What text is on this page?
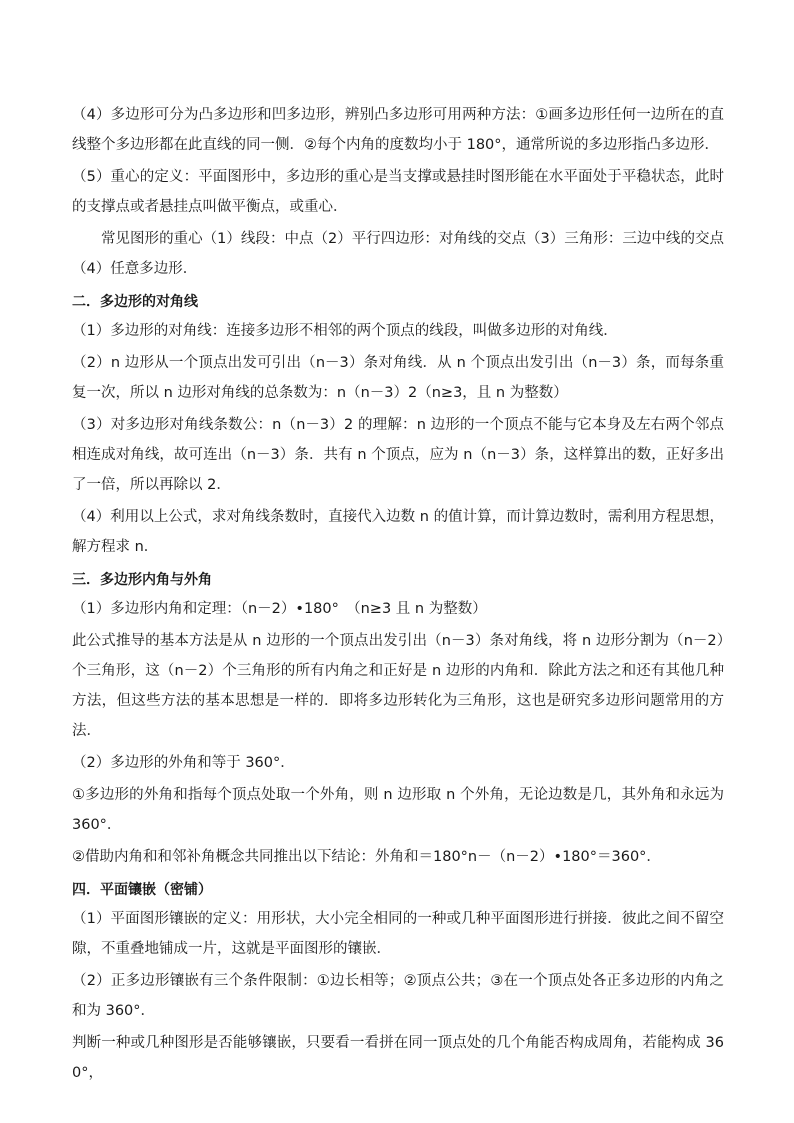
（4）多边形可分为凸多边形和凹多边形，辨别凸多边形可用两种方法：①画多边形任何一边所在的直线整个多边形都在此直线的同一侧．②每个内角的度数均小于 180°，通常所说的多边形指凸多边形．

（5）重心的定义：平面图形中，多边形的重心是当支撑或悬挂时图形能在水平面处于平稳状态，此时的支撑点或者悬挂点叫做平衡点，或重心．

常见图形的重心（1）线段：中点（2）平行四边形：对角线的交点（3）三角形：三边中线的交点（4）任意多边形．

二．多边形的对角线

（1）多边形的对角线：连接多边形不相邻的两个顶点的线段，叫做多边形的对角线．

（2）n 边形从一个顶点出发可引出（n－3）条对角线．从 n 个顶点出发引出（n－3）条，而每条重复一次，所以 n 边形对角线的总条数为：n（n－3）2（n≥3，且 n 为整数）

（3）对多边形对角线条数公：n（n－3）2 的理解：n 边形的一个顶点不能与它本身及左右两个邻点相连成对角线，故可连出（n－3）条．共有 n 个顶点，应为 n（n－3）条，这样算出的数，正好多出了一倍，所以再除以 2．

（4）利用以上公式，求对角线条数时，直接代入边数 n 的值计算，而计算边数时，需利用方程思想，解方程求 n．

三．多边形内角与外角

（1）多边形内角和定理：（n－2）•180°　（n≥3 且 n 为整数）

此公式推导的基本方法是从 n 边形的一个顶点出发引出（n－3）条对角线，将 n 边形分割为（n－2）个三角形，这（n－2）个三角形的所有内角之和正好是 n 边形的内角和．除此方法之和还有其他几种方法，但这些方法的基本思想是一样的．即将多边形转化为三角形，这也是研究多边形问题常用的方法．

（2）多边形的外角和等于 360°．

①多边形的外角和指每个顶点处取一个外角，则 n 边形取 n 个外角，无论边数是几，其外角和永远为 360°．

②借助内角和和邻补角概念共同推出以下结论：外角和＝180°n－（n－2）•180°＝360°．

四．平面镶嵌（密铺）

（1）平面图形镶嵌的定义：用形状，大小完全相同的一种或几种平面图形进行拼接．彼此之间不留空隙，不重叠地铺成一片，这就是平面图形的镶嵌．

（2）正多边形镶嵌有三个条件限制：①边长相等；②顶点公共；③在一个顶点处各正多边形的内角之和为 360°．

判断一种或几种图形是否能够镶嵌，只要看一看拼在同一顶点处的几个角能否构成周角，若能构成 360°，
